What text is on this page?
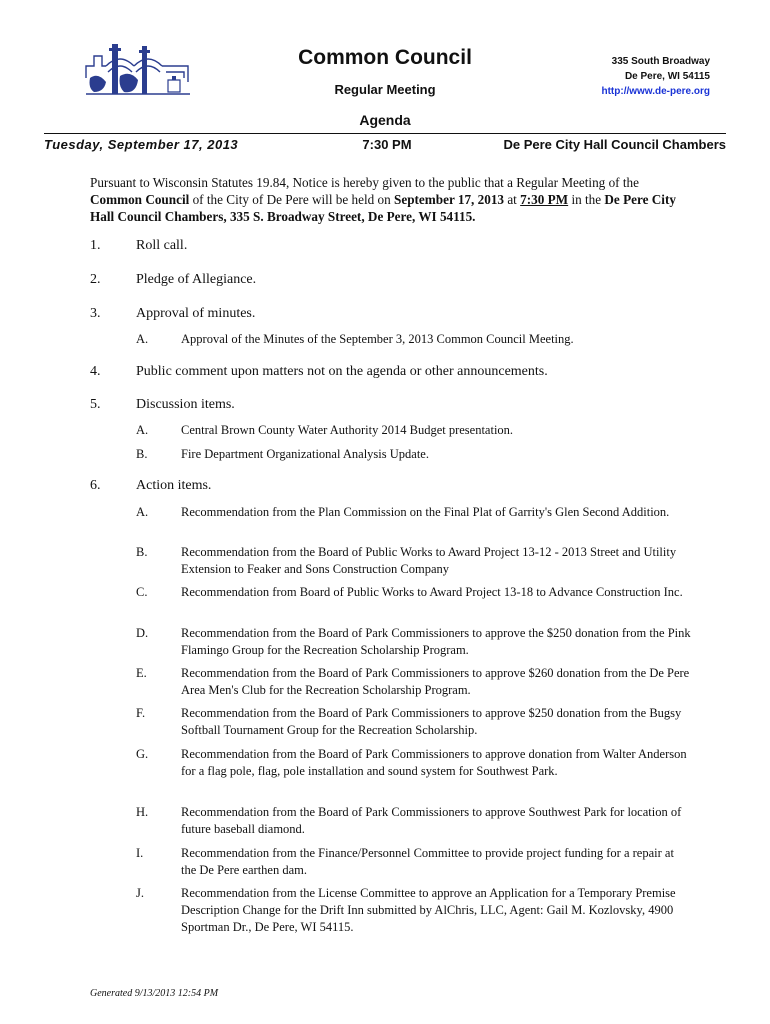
Common Council
Regular Meeting
335 South Broadway
De Pere, WI 54115
http://www.de-pere.org
Agenda
Tuesday, September 17, 2013	7:30 PM	De Pere City Hall Council Chambers
Pursuant to Wisconsin Statutes 19.84, Notice is hereby given to the public that a Regular Meeting of the Common Council of the City of De Pere will be held on September 17, 2013 at 7:30 PM in the De Pere City Hall Council Chambers, 335 S. Broadway Street, De Pere, WI 54115.
1.	Roll call.
2.	Pledge of Allegiance.
3.	Approval of minutes.
A.	Approval of the Minutes of the September 3, 2013 Common Council Meeting.
4.	Public comment upon matters not on the agenda or other announcements.
5.	Discussion items.
A.	Central Brown County Water Authority 2014 Budget presentation.
B.	Fire Department Organizational Analysis Update.
6.	Action items.
A.	Recommendation from the Plan Commission on the Final Plat of Garrity's Glen Second Addition.
B.	Recommendation from the Board of Public Works to Award Project 13-12 - 2013 Street and Utility Extension to Feaker and Sons Construction Company
C.	Recommendation from Board of Public Works to Award Project 13-18 to Advance Construction Inc.
D.	Recommendation from the Board of Park Commissioners to approve the $250 donation from the Pink Flamingo Group for the Recreation Scholarship Program.
E.	Recommendation from the Board of Park Commissioners to approve $260 donation from the De Pere Area Men's Club for the Recreation Scholarship Program.
F.	Recommendation from the Board of Park Commissioners to approve $250 donation from the Bugsy Softball Tournament Group for the Recreation Scholarship.
G.	Recommendation from the Board of Park Commissioners to approve donation from Walter Anderson for a flag pole, flag, pole installation and sound system for Southwest Park.
H.	Recommendation from the Board of Park Commissioners to approve Southwest Park for location of future baseball diamond.
I.	Recommendation from the Finance/Personnel Committee to provide project funding for a repair at the De Pere earthen dam.
J.	Recommendation from the License Committee to approve an Application for a Temporary Premise Description Change for the Drift Inn submitted by AlChris, LLC, Agent: Gail M. Kozlovsky, 4900 Sportman Dr., De Pere, WI 54115.
Generated 9/13/2013 12:54 PM
